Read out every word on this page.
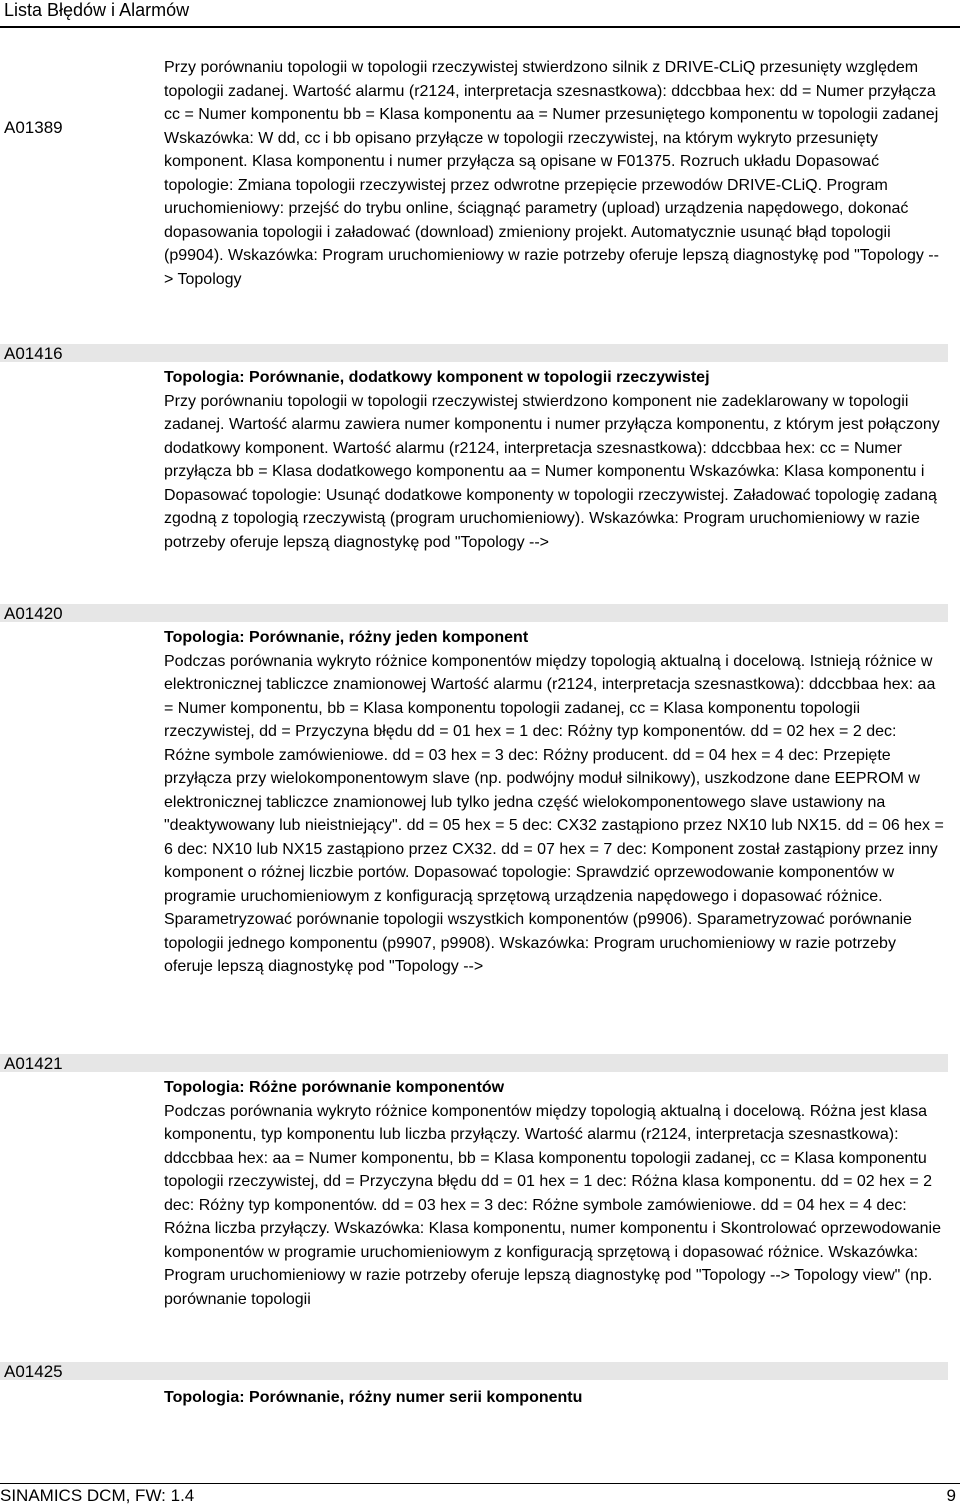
Lista Błędów i Alarmów
A01389
Przy porównaniu topologii w topologii rzeczywistej stwierdzono silnik z DRIVE-CLiQ przesunięty względem topologii zadanej. Wartość alarmu (r2124, interpretacja szesnastkowa): ddccbbaa hex: dd = Numer przyłącza cc = Numer komponentu bb = Klasa komponentu aa = Numer przesuniętego komponentu w topologii zadanej Wskazówka: W dd, cc i bb opisano przyłącze w topologii rzeczywistej, na którym wykryto przesunięty komponent. Klasa komponentu i numer przyłącza są opisane w F01375. Rozruch układu Dopasować topologie: Zmiana topologii rzeczywistej przez odwrotne przepięcie przewodów DRIVE-CLiQ. Program uruchomieniowy: przejść do trybu online, ściągnąć parametry (upload) urządzenia napędowego, dokonać dopasowania topologii i załadować (download) zmieniony projekt. Automatycznie usunąć błąd topologii (p9904). Wskazówka: Program uruchomieniowy w razie potrzeby oferuje lepszą diagnostykę pod "Topology --> Topology
A01416
Topologia: Porównanie, dodatkowy komponent w topologii rzeczywistej
Przy porównaniu topologii w topologii rzeczywistej stwierdzono komponent nie zadeklarowany w topologii zadanej. Wartość alarmu zawiera numer komponentu i numer przyłącza komponentu, z którym jest połączony dodatkowy komponent. Wartość alarmu (r2124, interpretacja szesnastkowa): ddccbbaa hex: cc = Numer przyłącza bb = Klasa dodatkowego komponentu aa = Numer komponentu Wskazówka: Klasa komponentu i Dopasować topologie: Usunąć dodatkowe komponenty w topologii rzeczywistej. Załadować topologię zadaną zgodną z topologią rzeczywistą (program uruchomieniowy). Wskazówka: Program uruchomieniowy w razie potrzeby oferuje lepszą diagnostykę pod "Topology -->
A01420
Topologia: Porównanie, różny jeden komponent
Podczas porównania wykryto różnice komponentów między topologią aktualną i docelową. Istnieją różnice w elektronicznej tabliczce znamionowej Wartość alarmu (r2124, interpretacja szesnastkowa): ddccbbaa hex: aa = Numer komponentu, bb = Klasa komponentu topologii zadanej, cc = Klasa komponentu topologii rzeczywistej, dd = Przyczyna błędu dd = 01 hex = 1 dec: Różny typ komponentów. dd = 02 hex = 2 dec: Różne symbole zamówieniowe. dd = 03 hex = 3 dec: Różny producent. dd = 04 hex = 4 dec: Przepięte przyłącza przy wielokomponentowym slave (np. podwójny moduł silnikowy), uszkodzone dane EEPROM w elektronicznej tabliczce znamionowej lub tylko jedna część wielokomponentowego slave ustawiony na "deaktywowany lub nieistniejący". dd = 05 hex = 5 dec: CX32 zastąpiono przez NX10 lub NX15. dd = 06 hex = 6 dec: NX10 lub NX15 zastąpiono przez CX32. dd = 07 hex = 7 dec: Komponent został zastąpiony przez inny komponent o różnej liczbie portów. Dopasować topologie: Sprawdzić oprzewodowanie komponentów w programie uruchomieniowym z konfiguracją sprzętową urządzenia napędowego i dopasować różnice. Sparametryzować porównanie topologii wszystkich komponentów (p9906). Sparametryzować porównanie topologii jednego komponentu (p9907, p9908). Wskazówka: Program uruchomieniowy w razie potrzeby oferuje lepszą diagnostykę pod "Topology -->
A01421
Topologia: Różne porównanie komponentów
Podczas porównania wykryto różnice komponentów między topologią aktualną i docelową. Różna jest klasa komponentu, typ komponentu lub liczba przyłączy. Wartość alarmu (r2124, interpretacja szesnastkowa): ddccbbaa hex: aa = Numer komponentu, bb = Klasa komponentu topologii zadanej, cc = Klasa komponentu topologii rzeczywistej, dd = Przyczyna błędu dd = 01 hex = 1 dec: Różna klasa komponentu. dd = 02 hex = 2 dec: Różny typ komponentów. dd = 03 hex = 3 dec: Różne symbole zamówieniowe. dd = 04 hex = 4 dec: Różna liczba przyłączy. Wskazówka: Klasa komponentu, numer komponentu i Skontrolować oprzewodowanie komponentów w programie uruchomieniowym z konfiguracją sprzętową i dopasować różnice. Wskazówka: Program uruchomieniowy w razie potrzeby oferuje lepszą diagnostykę pod "Topology --> Topology view" (np. porównanie topologii
A01425
Topologia: Porównanie, różny numer serii komponentu
SINAMICS DCM, FW: 1.4	9
